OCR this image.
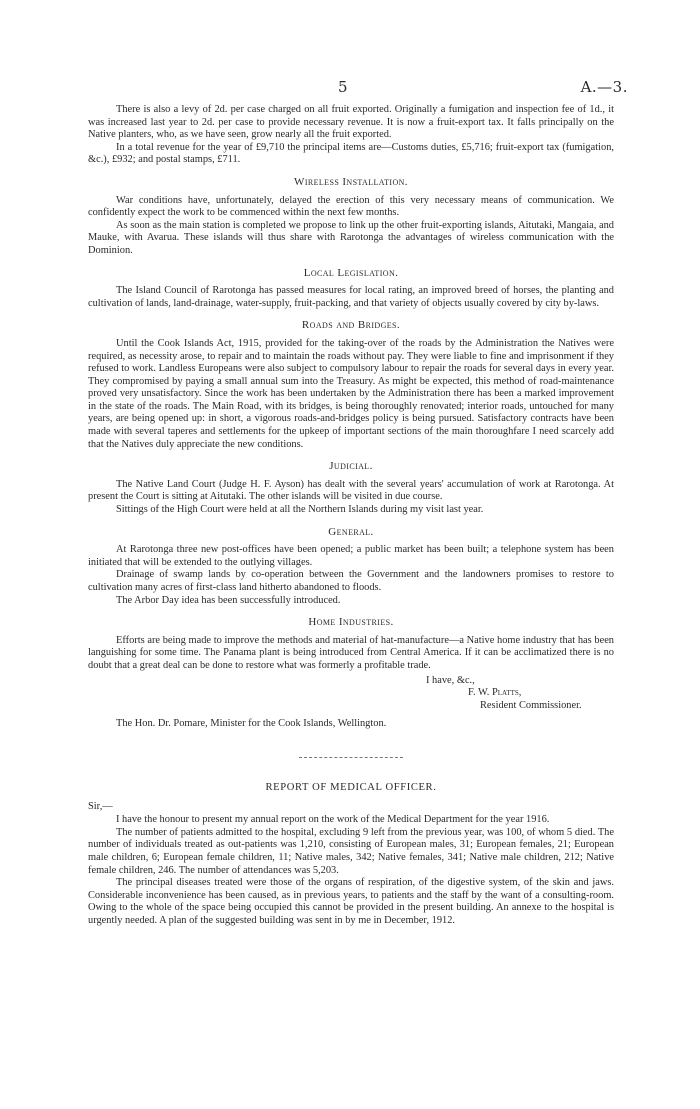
5	A.—3.

There is also a levy of 2d. per case charged on all fruit exported. Originally a fumigation and inspection fee of 1d., it was increased last year to 2d. per case to provide necessary revenue. It is now a fruit-export tax. It falls principally on the Native planters, who, as we have seen, grow nearly all the fruit exported.

In a total revenue for the year of £9,710 the principal items are—Customs duties, £5,716; fruit-export tax (fumigation, &c.), £932; and postal stamps, £711.

Wireless Installation.

War conditions have, unfortunately, delayed the erection of this very necessary means of communication. We confidently expect the work to be commenced within the next few months.

As soon as the main station is completed we propose to link up the other fruit-exporting islands, Aitutaki, Mangaia, and Mauke, with Avarua. These islands will thus share with Rarotonga the advantages of wireless communication with the Dominion.

Local Legislation.

The Island Council of Rarotonga has passed measures for local rating, an improved breed of horses, the planting and cultivation of lands, land-drainage, water-supply, fruit-packing, and that variety of objects usually covered by city by-laws.

Roads and Bridges.

Until the Cook Islands Act, 1915, provided for the taking-over of the roads by the Administration the Natives were required, as necessity arose, to repair and to maintain the roads without pay. They were liable to fine and imprisonment if they refused to work. Landless Europeans were also subject to compulsory labour to repair the roads for several days in every year. They compromised by paying a small annual sum into the Treasury. As might be expected, this method of road-maintenance proved very unsatisfactory. Since the work has been undertaken by the Administration there has been a marked improvement in the state of the roads. The Main Road, with its bridges, is being thoroughly renovated; interior roads, untouched for many years, are being opened up: in short, a vigorous roads-and-bridges policy is being pursued. Satisfactory contracts have been made with several taperes and settlements for the upkeep of important sections of the main thoroughfare I need scarcely add that the Natives duly appreciate the new conditions.

Judicial.

The Native Land Court (Judge H. F. Ayson) has dealt with the several years' accumulation of work at Rarotonga. At present the Court is sitting at Aitutaki. The other islands will be visited in due course.

Sittings of the High Court were held at all the Northern Islands during my visit last year.

General.

At Rarotonga three new post-offices have been opened; a public market has been built; a telephone system has been initiated that will be extended to the outlying villages.

Drainage of swamp lands by co-operation between the Government and the landowners promises to restore to cultivation many acres of first-class land hitherto abandoned to floods.

The Arbor Day idea has been successfully introduced.

Home Industries.

Efforts are being made to improve the methods and material of hat-manufacture—a Native home industry that has been languishing for some time. The Panama plant is being introduced from Central America. If it can be acclimatized there is no doubt that a great deal can be done to restore what was formerly a profitable trade.

I have, &c.,
F. W. Platts,
Resident Commissioner.

The Hon. Dr. Pomare, Minister for the Cook Islands, Wellington.

REPORT OF MEDICAL OFFICER.

Sir,—

I have the honour to present my annual report on the work of the Medical Department for the year 1916.

The number of patients admitted to the hospital, excluding 9 left from the previous year, was 100, of whom 5 died. The number of individuals treated as out-patients was 1,210, consisting of European males, 31; European females, 21; European male children, 6; European female children, 11; Native males, 342; Native females, 341; Native male children, 212; Native female children, 246. The number of attendances was 5,203.

The principal diseases treated were those of the organs of respiration, of the digestive system, of the skin and jaws. Considerable inconvenience has been caused, as in previous years, to patients and the staff by the want of a consulting-room. Owing to the whole of the space being occupied this cannot be provided in the present building. An annexe to the hospital is urgently needed. A plan of the suggested building was sent in by me in December, 1912.
